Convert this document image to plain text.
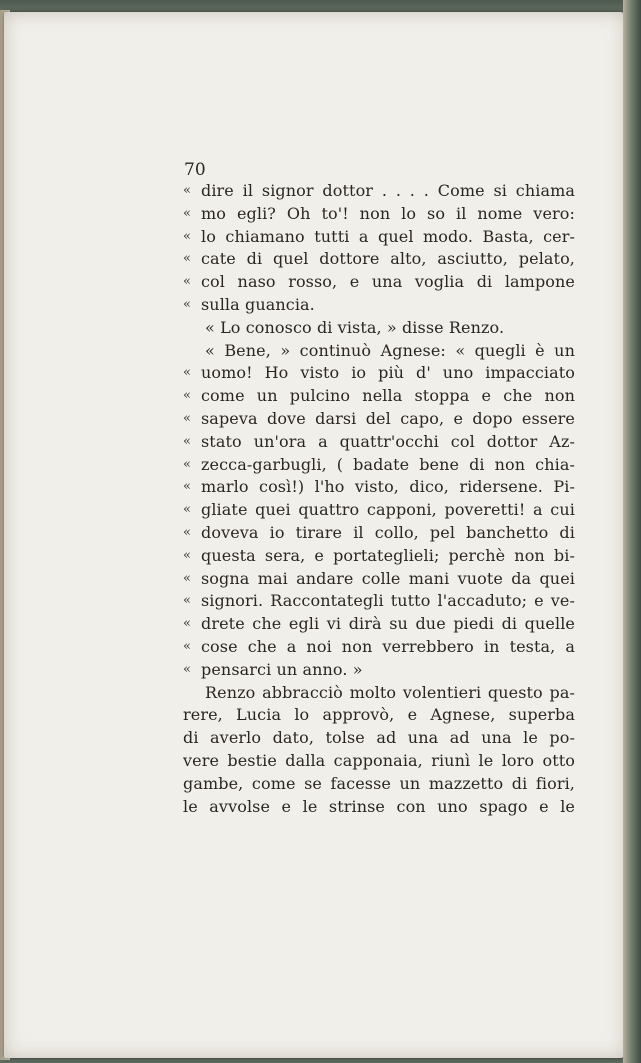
70
« dire il signor dottor . . . . Come si chiama
« mo egli? Oh to'! non lo so il nome vero:
« lo chiamano tutti a quel modo. Basta, cer-
« cate di quel dottore alto, asciutto, pelato,
« col naso rosso, e una voglia di lampone
« sulla guancia.
« Lo conosco di vista, » disse Renzo.
« Bene, » continuò Agnese: « quegli è un
« uomo! Ho visto io più d' uno impacciato
« come un pulcino nella stoppa e che non
« sapeva dove darsi del capo, e dopo essere
« stato un'ora a quattr'occhi col dottor Az-
« zecca-garbugli, ( badate bene di non chia-
« marlo così!) l'ho visto, dico, ridersene. Pi-
« gliate quei quattro capponi, poveretti! a cui
« doveva io tirare il collo, pel banchetto di
« questa sera, e portateglieli; perchè non bi-
« sogna mai andare colle mani vuote da quei
« signori. Raccontategli tutto l'accaduto; e ve-
« drete che egli vi dirà su due piedi di quelle
« cose che a noi non verrebbero in testa, a
« pensarci un anno. »
Renzo abbracciò molto volentieri questo pa-
rere, Lucia lo approvò, e Agnese, superba
di averlo dato, tolse ad una ad una le po-
vere bestie dalla capponaia, riunì le loro otto
gambe, come se facesse un mazzetto di fiori,
le avvolse e le strinse con uno spago e le
